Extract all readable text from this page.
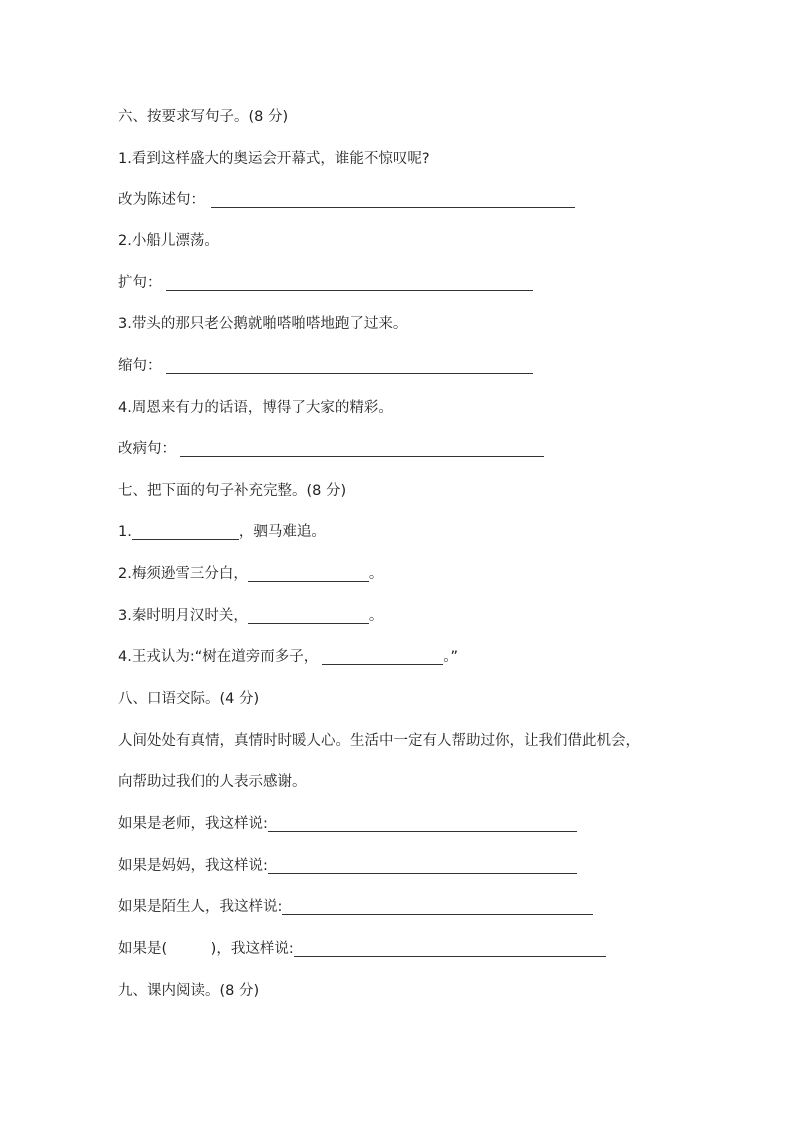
六、按要求写句子。(8 分)
1.看到这样盛大的奥运会开幕式，谁能不惊叹呢?
改为陈述句：
2.小船儿漂荡。
扩句：
3.带头的那只老公鹅就啪嗒啪嗒地跑了过来。
缩句：
4.周恩来有力的话语，博得了大家的精彩。
改病句：
七、把下面的句子补充完整。(8 分)
1.	，驷马难追。
2.梅须逊雪三分白，	。
3.秦时明月汉时关，	。
4.王戎认为:“树在道旁而多子，	。”
八、口语交际。(4 分)
人间处处有真情，真情时时暖人心。生活中一定有人帮助过你，让我们借此机会，
向帮助过我们的人表示感谢。
如果是老师，我这样说:
如果是妈妈，我这样说:
如果是陌生人，我这样说:
如果是(　　　)，我这样说:
九、课内阅读。(8 分)
